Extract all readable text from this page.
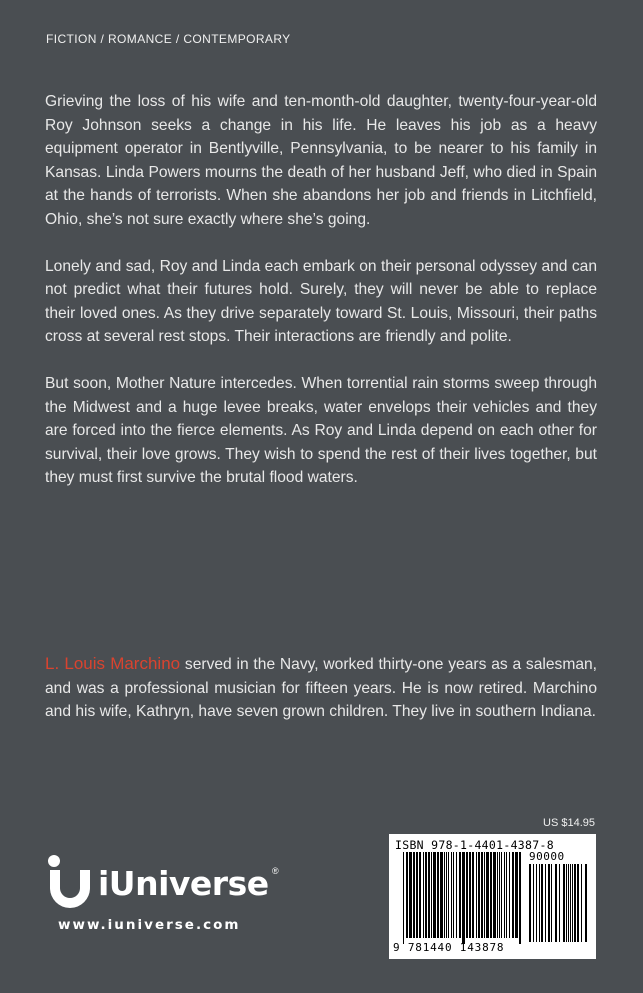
FICTION / ROMANCE / CONTEMPORARY

Grieving the loss of his wife and ten-month-old daughter, twenty-four-year-old Roy Johnson seeks a change in his life. He leaves his job as a heavy equipment operator in Bentlyville, Pennsylvania, to be nearer to his family in Kansas. Linda Powers mourns the death of her husband Jeff, who died in Spain at the hands of terrorists. When she abandons her job and friends in Litchfield, Ohio, she’s not sure exactly where she’s going.

Lonely and sad, Roy and Linda each embark on their personal odyssey and can not predict what their futures hold. Surely, they will never be able to replace their loved ones. As they drive separately toward St. Louis, Missouri, their paths cross at several rest stops. Their interactions are friendly and polite.

But soon, Mother Nature intercedes. When torrential rain storms sweep through the Midwest and a huge levee breaks, water envelops their vehicles and they are forced into the fierce elements. As Roy and Linda depend on each other for survival, their love grows. They wish to spend the rest of their lives together, but they must first survive the brutal flood waters.

L. Louis Marchino served in the Navy, worked thirty-one years as a salesman, and was a professional musician for fifteen years. He is now retired. Marchino and his wife, Kathryn, have seven grown children. They live in southern Indiana.
US $14.95
ISBN 978-1-4401-4387-8
90000
9 781440 143878
iUniverse ®
www.iuniverse.com
